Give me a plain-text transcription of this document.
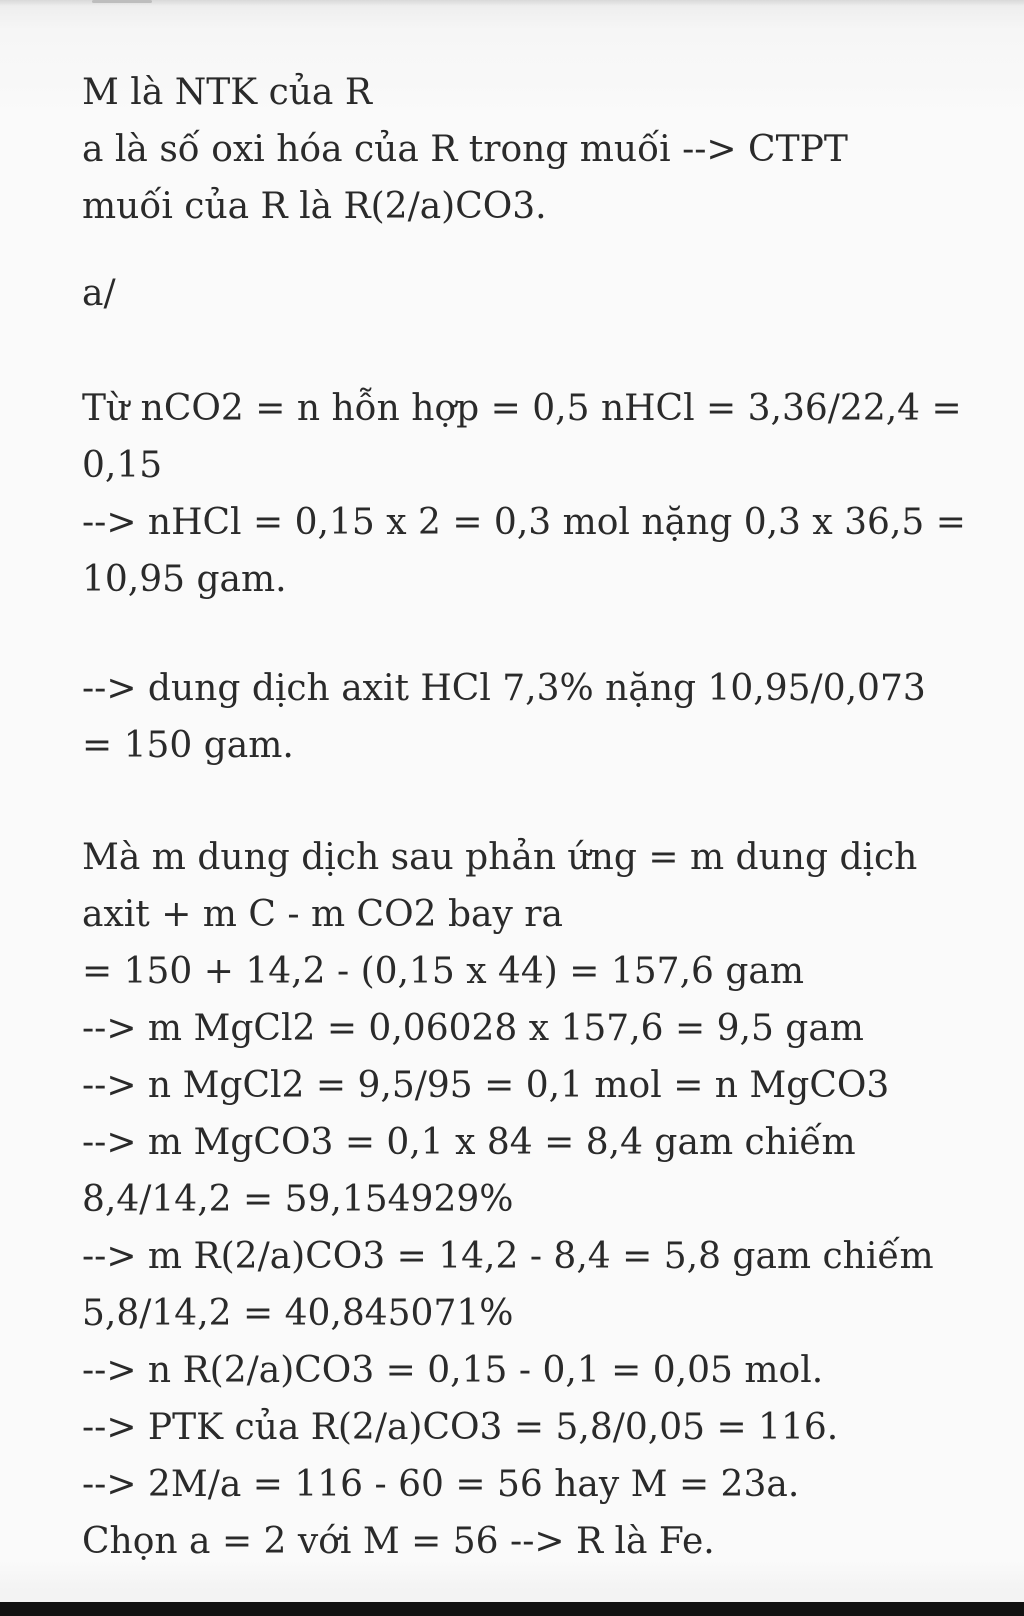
M là NTK của R
a là số oxi hóa của R trong muối --> CTPT
muối của R là R(2/a)CO3.
a/
Từ nCO2 = n hỗn hợp = 0,5 nHCl = 3,36/22,4 =
0,15
--> nHCl = 0,15 x 2 = 0,3 mol nặng 0,3 x 36,5 =
10,95 gam.
--> dung dịch axit HCl 7,3% nặng 10,95/0,073
= 150 gam.
Mà m dung dịch sau phản ứng = m dung dịch
axit + m C - m CO2 bay ra
= 150 + 14,2 - (0,15 x 44) = 157,6 gam
--> m MgCl2 = 0,06028 x 157,6 = 9,5 gam
--> n MgCl2 = 9,5/95 = 0,1 mol = n MgCO3
--> m MgCO3 = 0,1 x 84 = 8,4 gam chiếm
8,4/14,2 = 59,154929%
--> m R(2/a)CO3 = 14,2 - 8,4 = 5,8 gam chiếm
5,8/14,2 = 40,845071%
--> n R(2/a)CO3 = 0,15 - 0,1 = 0,05 mol.
--> PTK của R(2/a)CO3 = 5,8/0,05 = 116.
--> 2M/a = 116 - 60 = 56 hay M = 23a.
Chọn a = 2 với M = 56 --> R là Fe.
